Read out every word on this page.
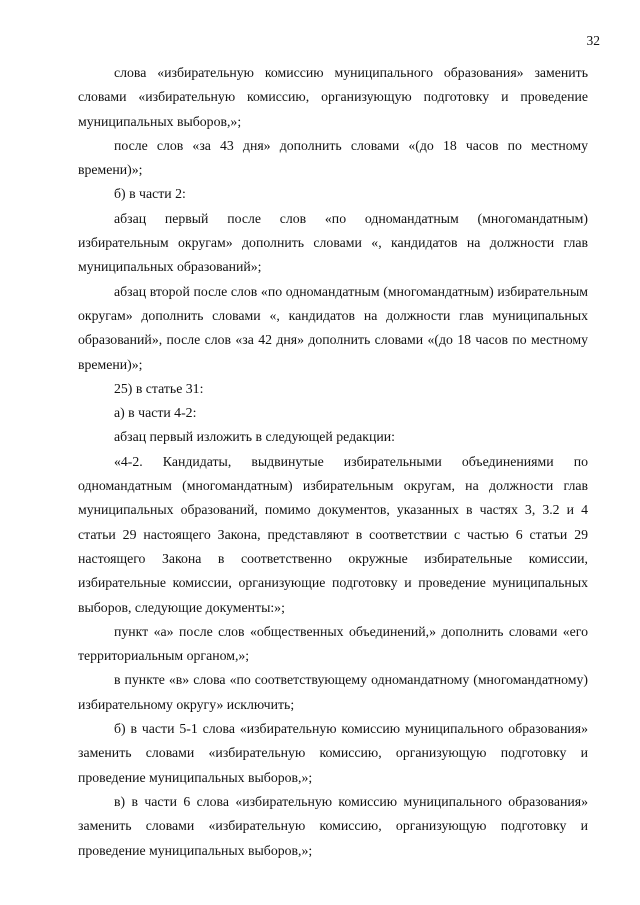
32

слова «избирательную комиссию муниципального образования» заменить словами «избирательную комиссию, организующую подготовку и проведение муниципальных выборов,»;

после слов «за 43 дня» дополнить словами «(до 18 часов по местному времени)»;

б) в части 2:

абзац первый после слов «по одномандатным (многомандатным) избирательным округам» дополнить словами «, кандидатов на должности глав муниципальных образований»;

абзац второй после слов «по одномандатным (многомандатным) избирательным округам» дополнить словами «, кандидатов на должности глав муниципальных образований», после слов «за 42 дня» дополнить словами «(до 18 часов по местному времени)»;

25) в статье 31:

а) в части 4-2:

абзац первый изложить в следующей редакции:

«4-2. Кандидаты, выдвинутые избирательными объединениями по одномандатным (многомандатным) избирательным округам, на должности глав муниципальных образований, помимо документов, указанных в частях 3, 3.2 и 4 статьи 29 настоящего Закона, представляют в соответствии с частью 6 статьи 29 настоящего Закона в соответственно окружные избирательные комиссии, избирательные комиссии, организующие подготовку и проведение муниципальных выборов, следующие документы:»;

пункт «а» после слов «общественных объединений,» дополнить словами «его территориальным органом,»;

в пункте «в» слова «по соответствующему одномандатному (многомандатному) избирательному округу» исключить;

б) в части 5-1 слова «избирательную комиссию муниципального образования» заменить словами «избирательную комиссию, организующую подготовку и проведение муниципальных выборов,»;

в) в части 6 слова «избирательную комиссию муниципального образования» заменить словами «избирательную комиссию, организующую подготовку и проведение муниципальных выборов,»;
